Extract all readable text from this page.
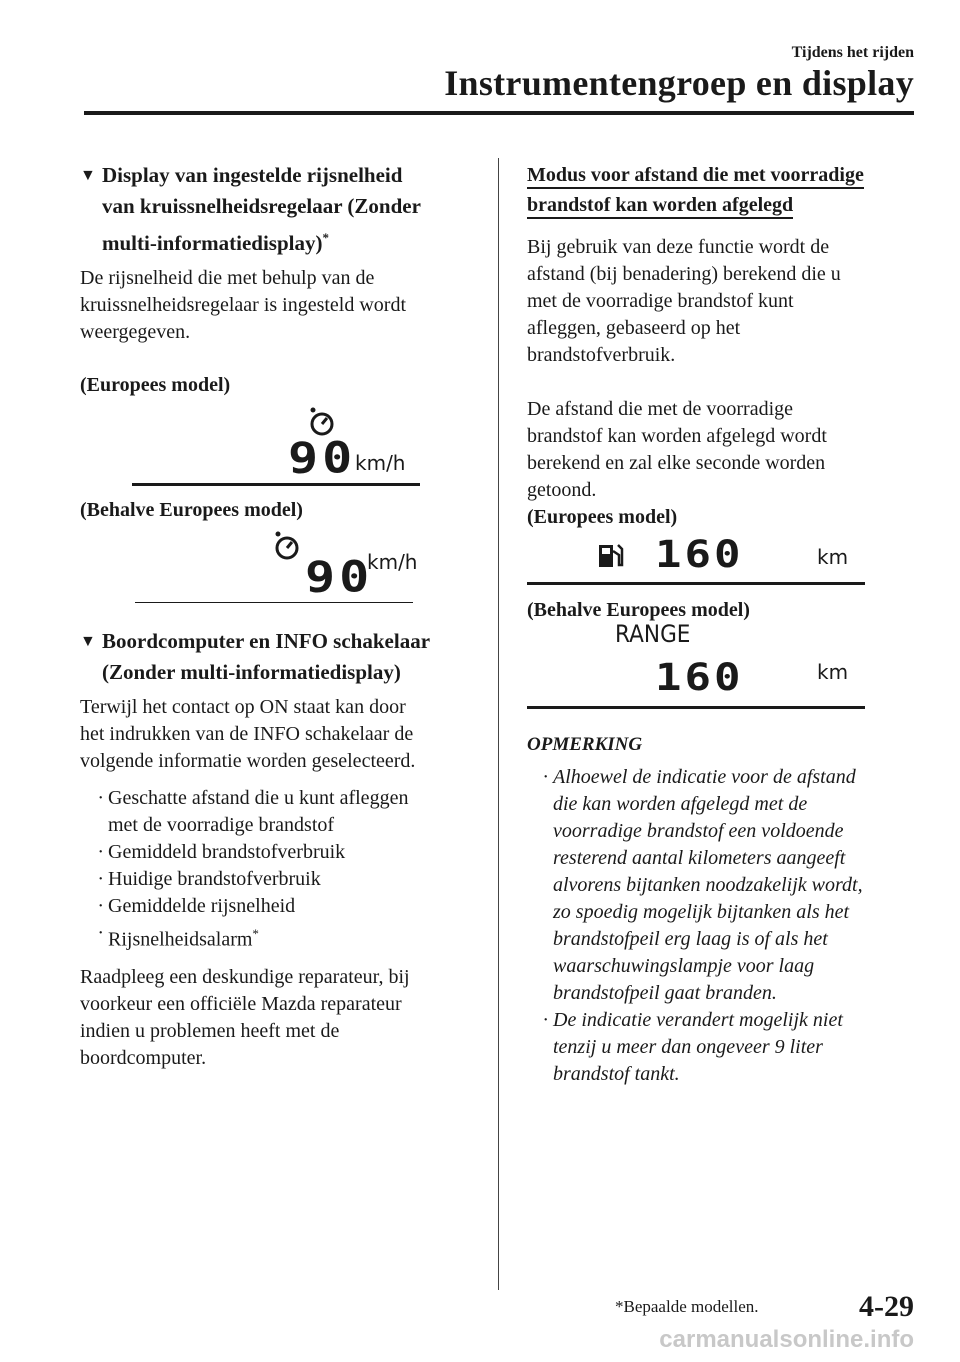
Tijdens het rijden
Instrumentengroep en display
▼ Display van ingestelde rijsnelheid
van kruissnelheidsregelaar (Zonder
multi-informatiedisplay)*

De rijsnelheid die met behulp van de

kruissnelheidsregelaar is ingesteld wordt

weergegeven.

(Europees model)
90
km/h
(Behalve Europees model)
90
km/h
▼ Boordcomputer en INFO schakelaar
(Zonder multi-informatiedisplay)

Terwijl het contact op ON staat kan door

het indrukken van de INFO schakelaar de

volgende informatie worden geselecteerd.

· Geschatte afstand die u kunt afleggen
met de voorradige brandstof
· Gemiddeld brandstofverbruik
· Huidige brandstofverbruik
· Gemiddelde rijsnelheid
· Rijsnelheidsalarm*

Raadpleeg een deskundige reparateur, bij

voorkeur een officiële Mazda reparateur

indien u problemen heeft met de

boordcomputer.

Modus voor afstand die met voorradige
brandstof kan worden afgelegd

Bij gebruik van deze functie wordt de

afstand (bij benadering) berekend die u

met de voorradige brandstof kunt

afleggen, gebaseerd op het

brandstofverbruik.

De afstand die met de voorradige

brandstof kan worden afgelegd wordt

berekend en zal elke seconde worden

getoond.

(Europees model)
160	km
(Behalve Europees model)
RANGE
160	km
OPMERKING
· Alhoewel de indicatie voor de afstand
die kan worden afgelegd met de
voorradige brandstof een voldoende
resterend aantal kilometers aangeeft
alvorens bijtanken noodzakelijk wordt,
zo spoedig mogelijk bijtanken als het
brandstofpeil erg laag is of als het
waarschuwingslampje voor laag
brandstofpeil gaat branden.
· De indicatie verandert mogelijk niet
tenzij u meer dan ongeveer 9 liter
brandstof tankt.
*Bepaalde modellen.	4-29
carmanualsonline.info
